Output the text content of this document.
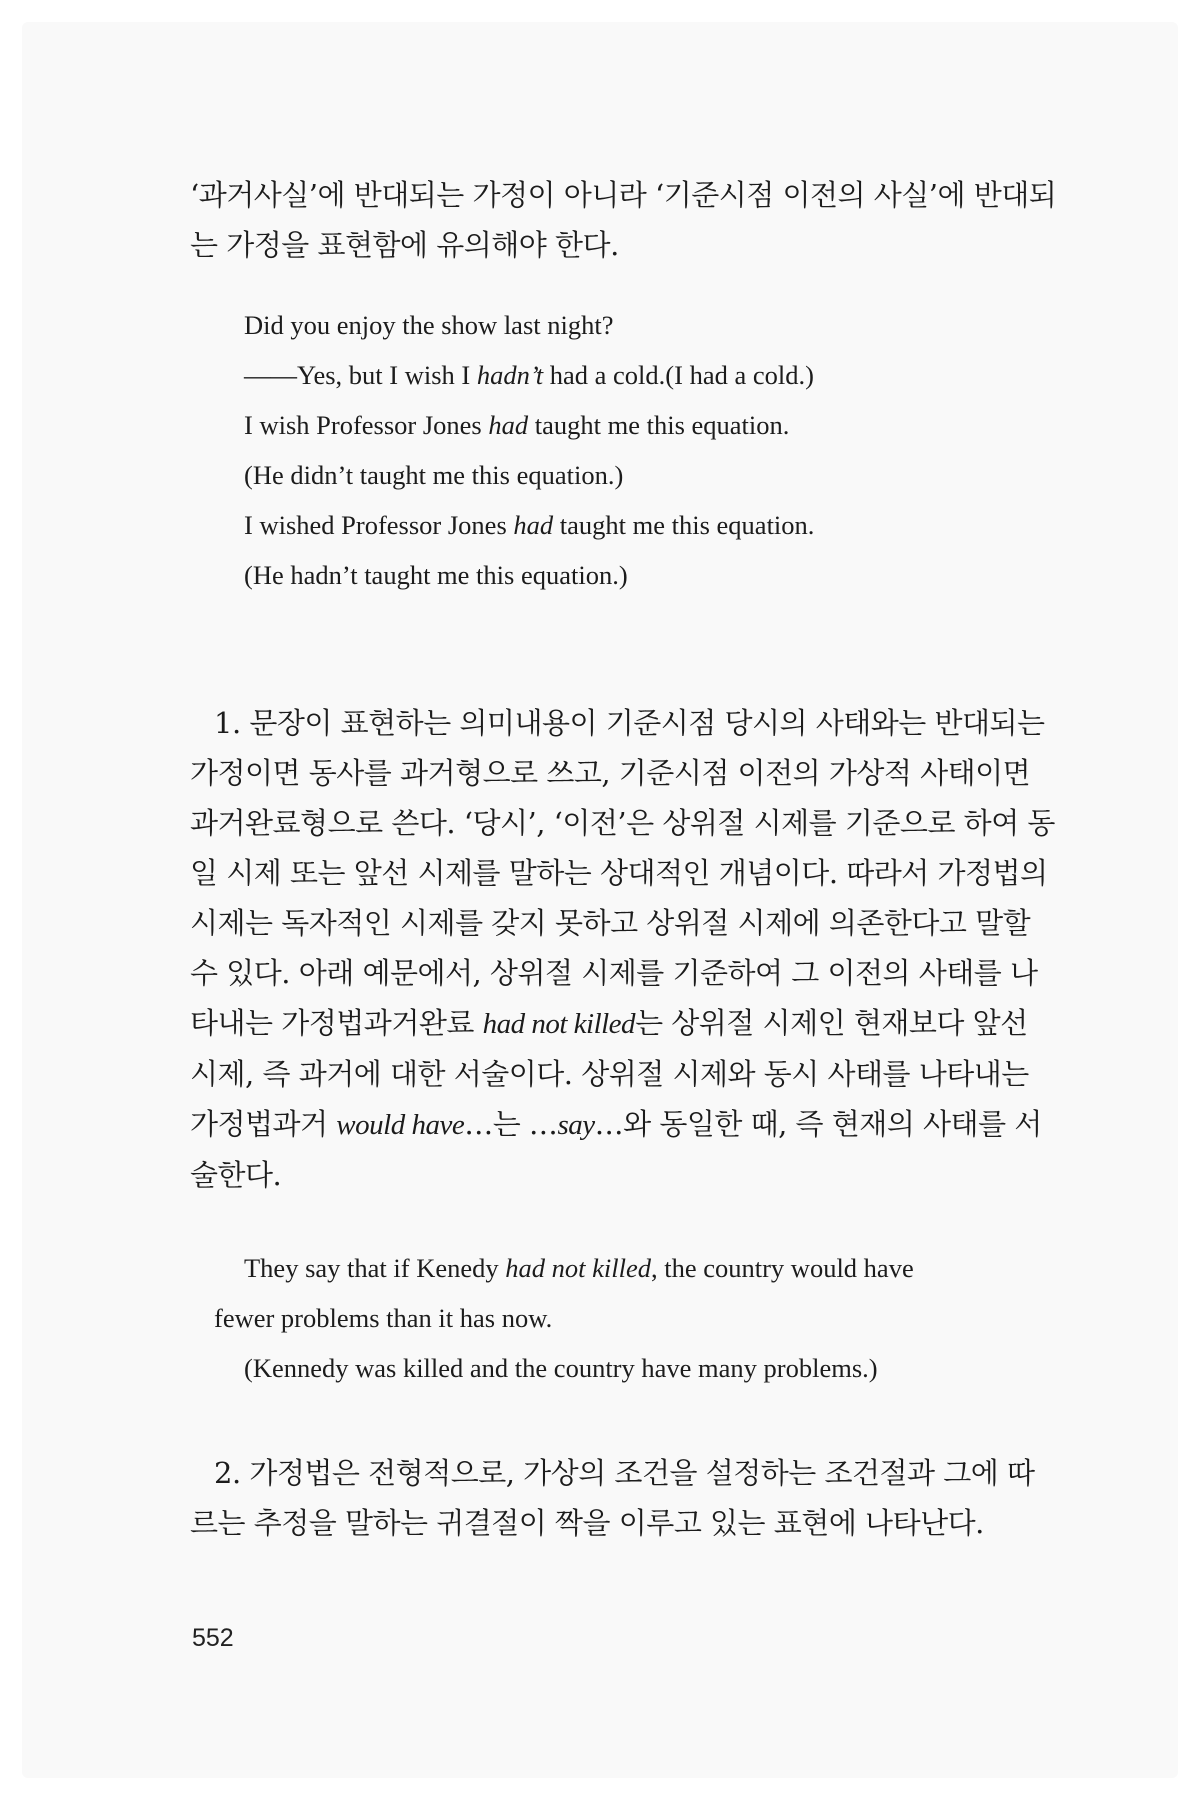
‘과거사실’에 반대되는 가정이 아니라 ‘기준시점 이전의 사실’에 반대되
는 가정을 표현함에 유의해야 한다.

Did you enjoy the show last night?
——Yes, but I wish I hadn’t had a cold.(I had a cold.)
I wish Professor Jones had taught me this equation.
(He didn’t taught me this equation.)
I wished Professor Jones had taught me this equation.
(He hadn’t taught me this equation.)

1. 문장이 표현하는 의미내용이 기준시점 당시의 사태와는 반대되는
가정이면 동사를 과거형으로 쓰고, 기준시점 이전의 가상적 사태이면
과거완료형으로 쓴다. ‘당시’, ‘이전’은 상위절 시제를 기준으로 하여 동
일 시제 또는 앞선 시제를 말하는 상대적인 개념이다. 따라서 가정법의
시제는 독자적인 시제를 갖지 못하고 상위절 시제에 의존한다고 말할
수 있다. 아래 예문에서, 상위절 시제를 기준하여 그 이전의 사태를 나
타내는 가정법과거완료 had not killed는 상위절 시제인 현재보다 앞선
시제, 즉 과거에 대한 서술이다. 상위절 시제와 동시 사태를 나타내는
가정법과거 would have…는 …say…와 동일한 때, 즉 현재의 사태를 서
술한다.

They say that if Kenedy had not killed, the country would have
fewer problems than it has now.
(Kennedy was killed and the country have many problems.)

2. 가정법은 전형적으로, 가상의 조건을 설정하는 조건절과 그에 따
르는 추정을 말하는 귀결절이 짝을 이루고 있는 표현에 나타난다.

552
